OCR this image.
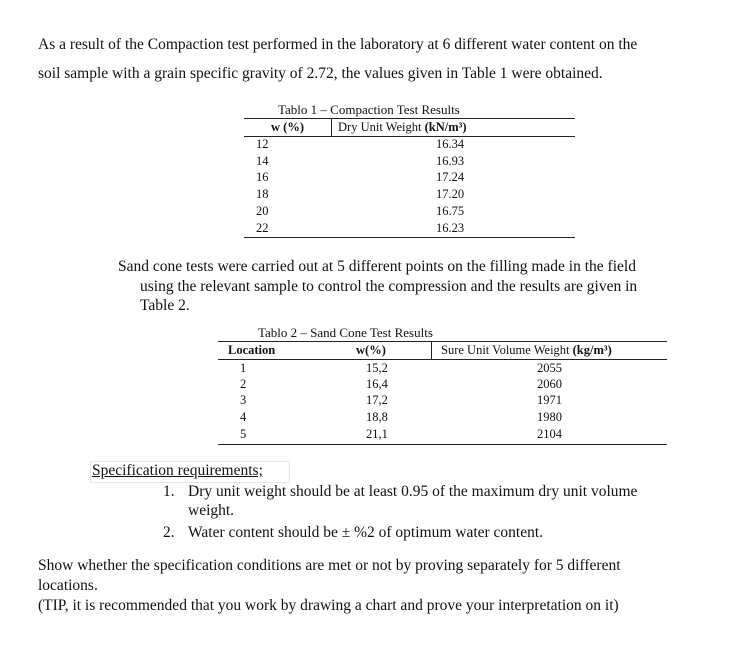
As a result of the Compaction test performed in the laboratory at 6 different water content on the
soil sample with a grain specific gravity of 2.72, the values given in Table 1 were obtained.
Tablo 1 – Compaction Test Results
w (%)	Dry Unit Weight (kN/m³)
12	16.34
14	16.93
16	17.24
18	17.20
20	16.75
22	16.23
Sand cone tests were carried out at 5 different points on the filling made in the field
using the relevant sample to control the compression and the results are given in
Table 2.
Tablo 2 – Sand Cone Test Results
Location	w(%)	Sure Unit Volume Weight (kg/m³)
1	15,2	2055
2	16,4	2060
3	17,2	1971
4	18,8	1980
5	21,1	2104
Specification requirements;
1. Dry unit weight should be at least 0.95 of the maximum dry unit volume
weight.
2. Water content should be ± %2 of optimum water content.
Show whether the specification conditions are met or not by proving separately for 5 different
locations.
(TIP, it is recommended that you work by drawing a chart and prove your interpretation on it)
